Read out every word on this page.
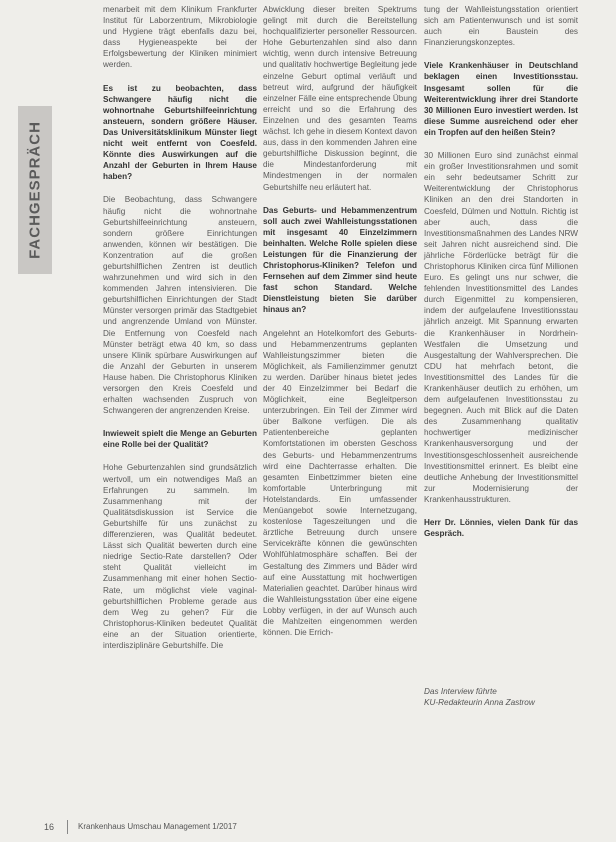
FACHGESPRÄCH

menarbeit mit dem Klinikum Frankfurter Institut für Laborzentrum, Mikrobiologie und Hygiene trägt ebenfalls dazu bei, dass Hygieneaspekte bei der Erfolgsbewertung der Kliniken minimiert werden.

Es ist zu beobachten, dass Schwangere häufig nicht die wohnortnahe Geburtshilfeeinrichtung ansteuern, sondern größere Häuser. Das Universitätsklinikum Münster liegt nicht weit entfernt von Coesfeld. Könnte dies Auswirkungen auf die Anzahl der Geburten in Ihrem Hause haben?

Die Beobachtung, dass Schwangere häufig nicht die wohnortnahe Geburtshilfeeinrichtung ansteuern, sondern größere Einrichtungen anwenden, können wir bestätigen. Die Konzentration auf die großen geburtshilflichen Zentren ist deutlich wahrzunehmen und wird sich in den kommenden Jahren intensivieren. Die geburtshilflichen Einrichtungen der Stadt Münster versorgen primär das Stadtgebiet und angrenzende Umland von Münster. Die Entfernung von Coesfeld nach Münster beträgt etwa 40 km, so dass unsere Klinik spürbare Auswirkungen auf die Anzahl der Geburten in unserem Hause haben. Die Christophorus Kliniken versorgen den Kreis Coesfeld und erhalten wachsenden Zuspruch von Schwangeren der angrenzenden Kreise.

Inwieweit spielt die Menge an Geburten eine Rolle bei der Qualität?

Hohe Geburtenzahlen sind grundsätzlich wertvoll, um ein notwendiges Maß an Erfahrungen zu sammeln. Im Zusammenhang mit der Qualitätsdiskussion ist Service die Geburtshilfe für uns zunächst zu differenzieren, was Qualität bedeutet. Lässt sich Qualität bewerten durch eine niedrige Sectio-Rate darstellen? Oder steht Qualität vielleicht im Zusammenhang mit einer hohen Sectio-Rate, um möglichst viele vaginal-geburtshilflichen Probleme gerade aus dem Weg zu gehen? Für die Christophorus-Kliniken bedeutet Qualität eine an der Situation orientierte, interdisziplinäre Geburtshilfe. Die

Abwicklung dieser breiten Spektrums gelingt mit durch die Bereitstellung hochqualifizierter personeller Ressourcen. Hohe Geburtenzahlen sind also dann wichtig, wenn durch intensive Betreuung und qualitativ hochwertige Begleitung jede einzelne Geburt optimal verläuft und betreut wird, aufgrund der häufigkeit einzelner Fälle eine entsprechende Übung erreicht und so die Erfahrung des Einzelnen und des gesamten Teams wächst. Ich gehe in diesem Kontext davon aus, dass in den kommenden Jahren eine geburtshilfliche Diskussion beginnt, die die Mindestanforderung mit Mindestmengen in der normalen Geburtshilfe neu erläutert hat.

Das Geburts- und Hebammenzentrum soll auch zwei Wahlleistungsstationen mit insgesamt 40 Einzelzimmern beinhalten. Welche Rolle spielen diese Leistungen für die Finanzierung der Christophorus-Kliniken? Telefon und Fernsehen auf dem Zimmer sind heute fast schon Standard. Welche Dienstleistung bieten Sie darüber hinaus an?

Angelehnt an Hotelkomfort des Geburts- und Hebammenzentrums geplanten Wahlleistungszimmer bieten die Möglichkeit, als Familienzimmer genutzt zu werden. Darüber hinaus bietet jedes der 40 Einzelzimmer bei Bedarf die Möglichkeit, eine Begleitperson unterzubringen. Ein Teil der Zimmer wird über Balkone verfügen. Die als Patientenbereiche geplanten Komfortstationen im obersten Geschoss des Geburts- und Hebammenzentrums wird eine Dachterrasse erhalten. Die gesamten Einbettzimmer bieten eine komfortable Unterbringung mit Hotelstandards. Ein umfassender Menüangebot sowie Internetzugang, kostenlose Tageszeitungen und die ärztliche Betreuung durch unsere Servicekräfte können die gewünschten Wohlfühlatmosphäre schaffen. Bei der Gestaltung des Zimmers und Bäder wird auf eine Ausstattung mit hochwertigen Materialien geachtet. Darüber hinaus wird die Wahlleistungsstation über eine eigene Lobby verfügen, in der auf Wunsch auch die Mahlzeiten eingenommen werden können. Die Errich-

tung der Wahlleistungsstation orientiert sich am Patientenwunsch und ist somit auch ein Baustein des Finanzierungskonzeptes.

Viele Krankenhäuser in Deutschland beklagen einen Investitionsstau. Insgesamt sollen für die Weiterentwicklung ihrer drei Standorte 30 Millionen Euro investiert werden. Ist diese Summe ausreichend oder eher ein Tropfen auf den heißen Stein?

30 Millionen Euro sind zunächst einmal ein großer Investitionsrahmen und somit ein sehr bedeutsamer Schritt zur Weiterentwicklung der Christophorus Kliniken an den drei Standorten in Coesfeld, Dülmen und Nottuln. Richtig ist aber auch, dass die Investitionsmaßnahmen des Landes NRW seit Jahren nicht ausreichend sind. Die jährliche Förderlücke beträgt für die Christophorus Kliniken circa fünf Millionen Euro. Es gelingt uns nur schwer, die fehlenden Investitionsmittel des Landes durch Eigenmittel zu kompensieren, indem der aufgelaufene Investitionsstau jährlich anzeigt. Mit Spannung erwarten die Krankenhäuser in Nordrhein-Westfalen die Umsetzung und Ausgestaltung der Wahlversprechen. Die CDU hat mehrfach betont, die Investitionsmittel des Landes für die Krankenhäuser deutlich zu erhöhen, um dem aufgelaufenen Investitionsstau zu begegnen. Auch mit Blick auf die Daten des Zusammenhang qualitativ hochwertiger medizinischer Krankenhausversorgung und der Investitionsgeschlossenheit ausreichende Investitionsmittel erinnert. Es bleibt eine deutliche Anhebung der Investitionsmittel zur Modernisierung der Krankenhausstrukturen.

Herr Dr. Lönnies, vielen Dank für das Gespräch.

Das Interview führte
KU-Redakteurin Anna Zastrow
16	Krankenhaus Umschau Management 1/2017
